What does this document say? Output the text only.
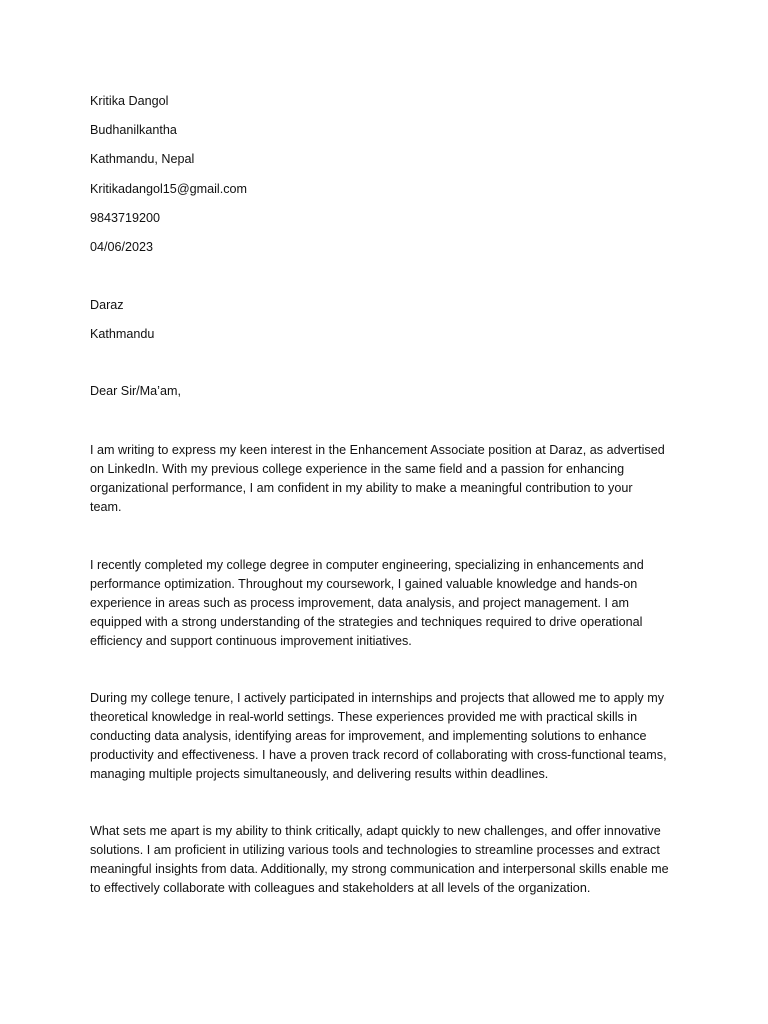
Kritika Dangol
Budhanilkantha
Kathmandu, Nepal
Kritikadangol15@gmail.com
9843719200
04/06/2023
Daraz
Kathmandu
Dear Sir/Ma’am,
I am writing to express my keen interest in the Enhancement Associate position at Daraz, as advertised
on LinkedIn. With my previous college experience in the same field and a passion for enhancing
organizational performance, I am confident in my ability to make a meaningful contribution to your
team.
I recently completed my college degree in computer engineering, specializing in enhancements and
performance optimization. Throughout my coursework, I gained valuable knowledge and hands-on
experience in areas such as process improvement, data analysis, and project management. I am
equipped with a strong understanding of the strategies and techniques required to drive operational
efficiency and support continuous improvement initiatives.
During my college tenure, I actively participated in internships and projects that allowed me to apply my
theoretical knowledge in real-world settings. These experiences provided me with practical skills in
conducting data analysis, identifying areas for improvement, and implementing solutions to enhance
productivity and effectiveness. I have a proven track record of collaborating with cross-functional teams,
managing multiple projects simultaneously, and delivering results within deadlines.
What sets me apart is my ability to think critically, adapt quickly to new challenges, and offer innovative
solutions. I am proficient in utilizing various tools and technologies to streamline processes and extract
meaningful insights from data. Additionally, my strong communication and interpersonal skills enable me
to effectively collaborate with colleagues and stakeholders at all levels of the organization.
